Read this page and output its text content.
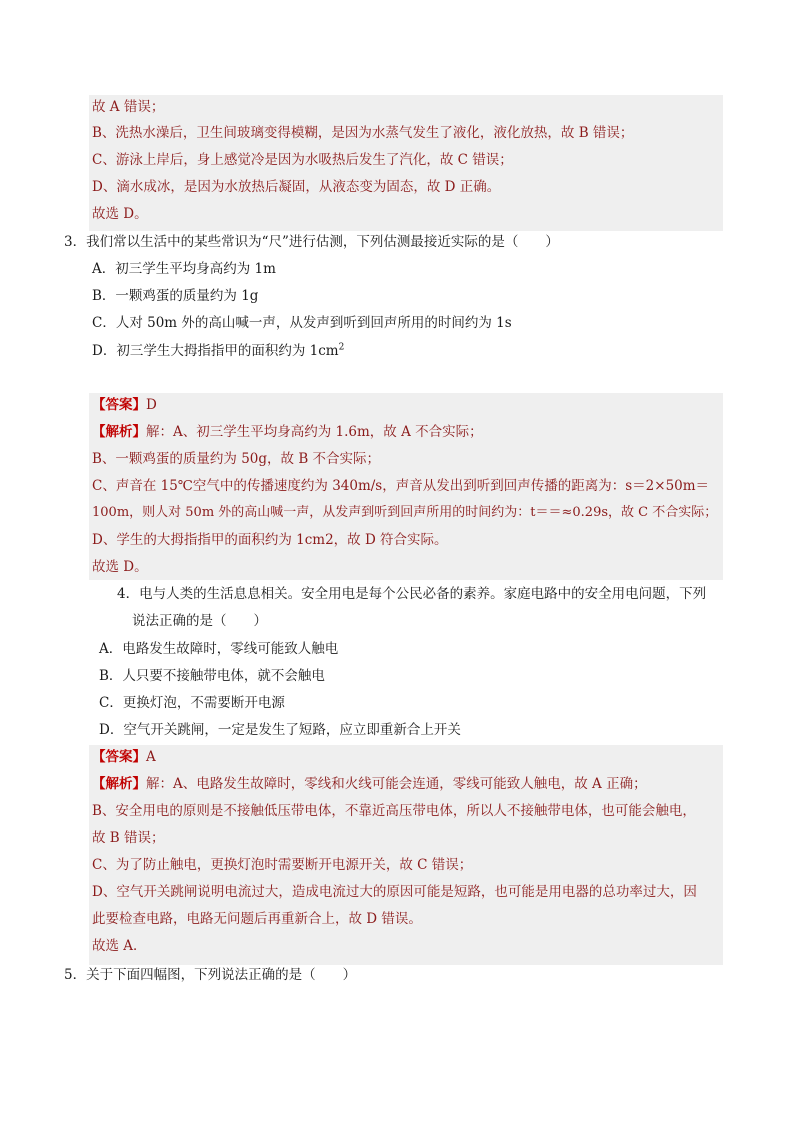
故 A 错误；
B、洗热水澡后，卫生间玻璃变得模糊，是因为水蒸气发生了液化，液化放热，故 B 错误；
C、游泳上岸后，身上感觉冷是因为水吸热后发生了汽化，故 C 错误；
D、滴水成冰，是因为水放热后凝固，从液态变为固态，故 D 正确。
故选 D。
3．我们常以生活中的某些常识为“尺”进行估测，下列估测最接近实际的是（　　）
A．初三学生平均身高约为 1m
B．一颗鸡蛋的质量约为 1g
C．人对 50m 外的高山喊一声，从发声到听到回声所用的时间约为 1s
D．初三学生大拇指指甲的面积约为 $1cm^2$
【答案】D
【解析】解：A、初三学生平均身高约为 1.6m，故 A 不合实际；
B、一颗鸡蛋的质量约为 50g，故 B 不合实际；
C、声音在 15℃空气中的传播速度约为 340m/s，声音从发出到听到回声传播的距离为：s＝2×50m＝
100m，则人对 50m 外的高山喊一声，从发声到听到回声所用的时间约为：t＝＝≈0.29s，故 C 不合实际；
D、学生的大拇指指甲的面积约为 1cm2，故 D 符合实际。
故选 D。
4．电与人类的生活息息相关。安全用电是每个公民必备的素养。家庭电路中的安全用电问题，下列
说法正确的是（　　）
A．电路发生故障时，零线可能致人触电
B．人只要不接触带电体，就不会触电
C．更换灯泡，不需要断开电源
D．空气开关跳闸，一定是发生了短路，应立即重新合上开关
【答案】A
【解析】解：A、电路发生故障时，零线和火线可能会连通，零线可能致人触电，故 A 正确；
B、安全用电的原则是不接触低压带电体，不靠近高压带电体，所以人不接触带电体，也可能会触电，
故 B 错误；
C、为了防止触电，更换灯泡时需要断开电源开关，故 C 错误；
D、空气开关跳闸说明电流过大，造成电流过大的原因可能是短路，也可能是用电器的总功率过大，因
此要检查电路，电路无问题后再重新合上，故 D 错误。
故选 A．
5．关于下面四幅图，下列说法正确的是（　　）
